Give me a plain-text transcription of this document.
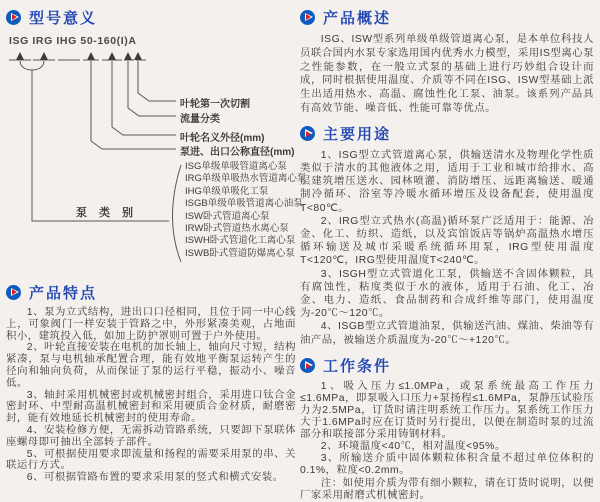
型号意义
ISG IRG IHG 50-160(I)A
叶轮第一次切割
流量分类
叶轮名义外径(mm)
泵进、出口公称直径(mm)
泵类别
ISG单级单吸管道离心泵
IRG单级单吸热水管道离心泵
IHG单级单吸化工泵
ISGB单级单吸管道离心油泵
ISW卧式管道离心泵
IRW卧式管道热水离心泵
ISWH卧式管道化工离心泵
ISWB卧式管道防爆离心泵
产品特点

1、泵为立式结构，进出口口径相同，且位于同一中心线上，可象阀门一样安装于管路之中，外形紧凑美观，占地面积小，建筑投入低，如加上防护罩则可置于户外使用。

2、叶轮直接安装在电机的加长轴上，轴向尺寸短，结构紧凑，泵与电机轴承配置合理，能有效地平衡泵运转产生的径向和轴向负荷，从而保证了泵的运行平稳，振动小、噪音低。

3、轴封采用机械密封或机械密封组合，采用进口钛合金密封环、中型耐高温机械密封和采用硬质合金材质，耐磨密封，能有效地延长机械密封的使用寿命。

4、安装检修方便，无需拆动管路系统，只要卸下泵联体座螺母即可抽出全部转子部件。

5、可根据使用要求即流量和扬程的需要采用泵的串、关联运行方式。

6、可根据管路布置的要求采用泵的竖式和横式安装。

产品概述

ISG、ISW型系列单级单级管道离心泵，是本单位科技人员联合国内水泵专家选用国内优秀水力模型，采用IS型离心泵之性能参数，在一般立式泵的基础上进行巧妙组合设计而成，同时根据使用温度、介质等不同在ISG、ISW型基础上派生出适用热水、高温、腐蚀性化工泵、油泵。该系列产品具有高效节能、噪音低、性能可靠等优点。

主要用途

1、ISG型立式管道离心泵，供输送清水及物理化学性质类似于清水的其他液体之用，适用于工业和城市给排水、高层建筑增压送水、园林喷灌、消防增压、远距离输送、暖通制冷循环、浴室等冷暖水循环增压及设备配套，使用温度T<80℃。

2、IRG型立式热水(高温)循环泵广泛适用于：能源、冶金、化工、纺织、造纸，以及宾馆饭店等锅炉高温热水增压循环输送及城市采暖系统循环用泵，IRG型使用温度T<120℃，IRG型使用温度T<240℃。

3、ISGH型立式管道化工泵，供输送不含固体颗粒，具有腐蚀性，粘度类似于水的液体，适用于石油、化工、冶金、电力、造纸、食品制药和合成纤维等部门，使用温度为-20℃～120℃。

4、ISGB型立式管道油泵，供输送汽油、煤油、柴油等有油产品，被输送介质温度为-20℃～+120℃。

工作条件

1、吸入压力≤1.0MPa，或泵系统最高工作压力≤1.6MPa，即泵吸入口压力+泵扬程≤1.6MPa，泵静压试验压力为2.5MPa，订货时请注明系统工作压力。泵系统工作压力大于1.6MPa时应在订货时另行提出，以便在制造时泵的过流部分和联接部分采用铸钢材料。

2、环境温度<40℃，相对温度<95%。

3、所输送介质中固体颗粒体积含量不超过单位体积的0.1%，粒度<0.2mm。

注：如使用介质为带有细小颗粒，请在订货时说明，以便厂家采用耐磨式机械密封。
